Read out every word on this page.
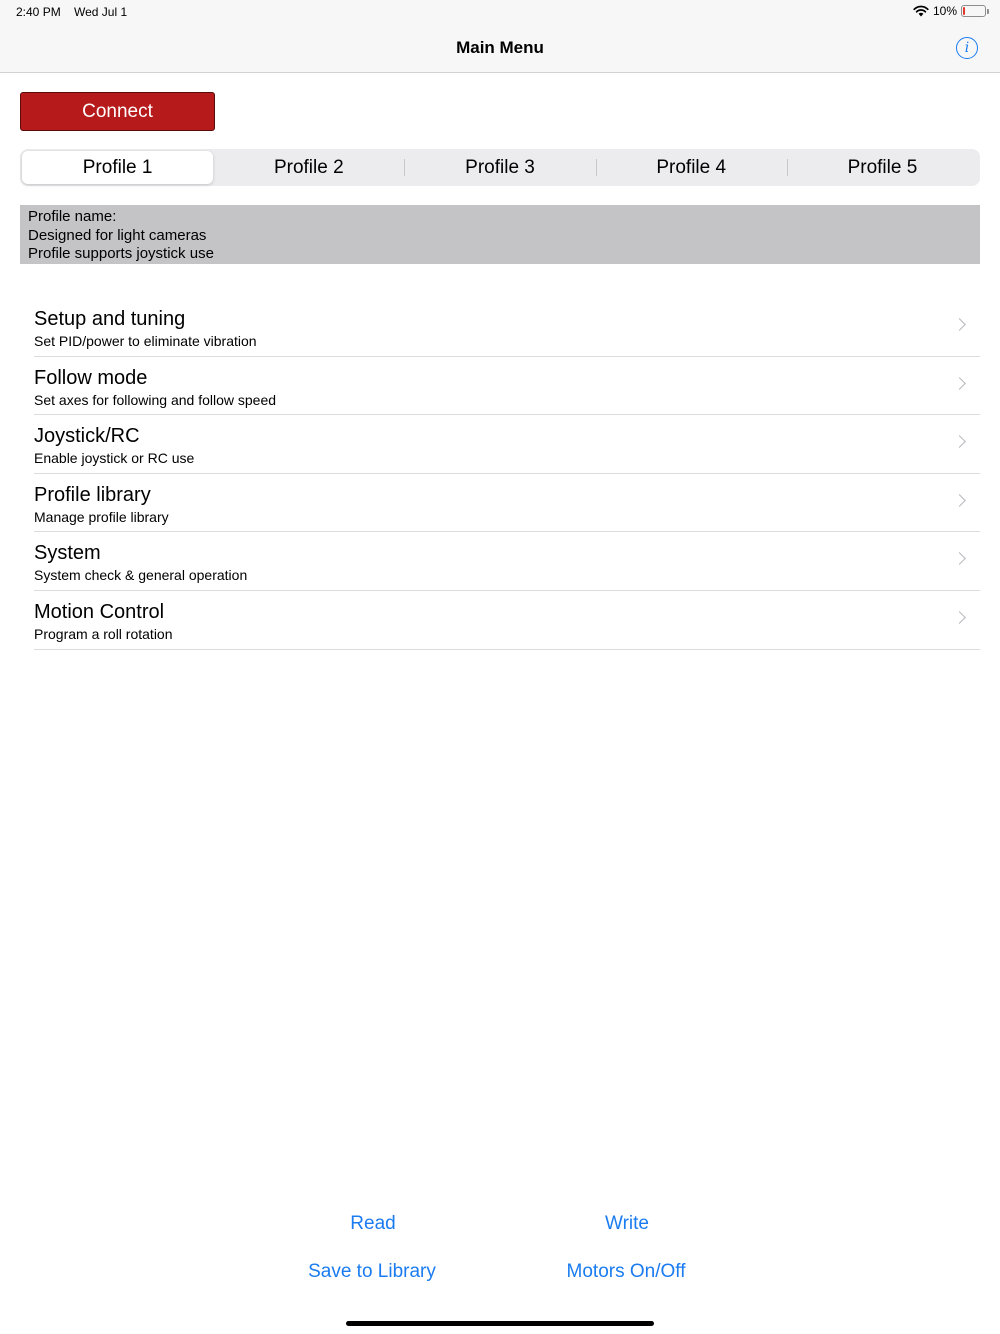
2:40 PM Wed Jul 1	10%
Main Menu	i
Connect
Profile 1	Profile 2	Profile 3	Profile 4	Profile 5
Profile name:
Designed for light cameras
Profile supports joystick use
Setup and tuning
Set PID/power to eliminate vibration
Follow mode
Set axes for following and follow speed
Joystick/RC
Enable joystick or RC use
Profile library
Manage profile library
System
System check & general operation
Motion Control
Program a roll rotation
Read	Write
Save to Library	Motors On/Off
